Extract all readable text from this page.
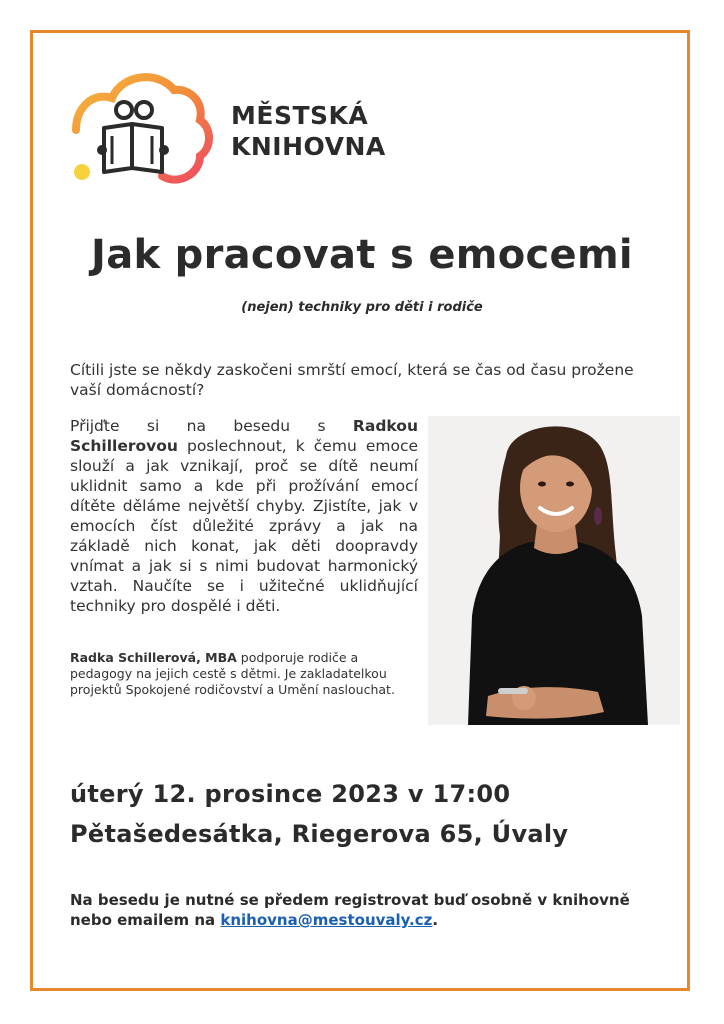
MĚSTSKÁ
KNIHOVNA
Jak pracovat s emocemi
(nejen) techniky pro děti i rodiče
Cítili jste se někdy zaskočeni smrští emocí, která se čas od času prožene vaší domácností?
Přijďte si na besedu s Radkou Schillerovou poslechnout, k čemu emoce slouží a jak vznikají, proč se dítě neumí uklidnit samo a kde při prožívání emocí dítěte děláme největší chyby. Zjistíte, jak v emocích číst důležité zprávy a jak na základě nich konat, jak děti doopravdy vnímat a jak si s nimi budovat harmonický vztah. Naučíte se i užitečné uklidňující techniky pro dospělé i děti.
Radka Schillerová, MBA podporuje rodiče a pedagogy na jejich cestě s dětmi. Je zakladatelkou projektů Spokojené rodičovství a Umění naslouchat.
úterý 12. prosince 2023 v 17:00
Pětašedesátka, Riegerova 65, Úvaly
Na besedu je nutné se předem registrovat buď osobně v knihovně nebo emailem na knihovna@mestouvaly.cz.
